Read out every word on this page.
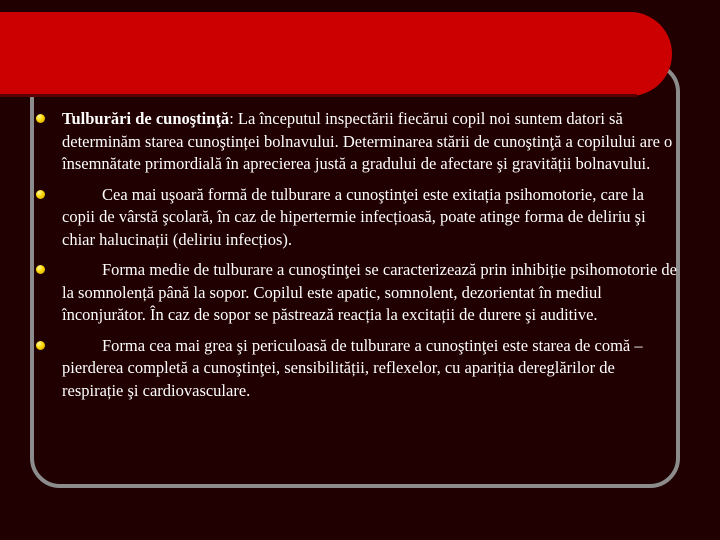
Tulburări de cunoştinţă: La începutul inspectării fiecărui copil noi suntem datori să determinăm starea cunoştinței bolnavului. Determinarea stării de cunoştinţă a copilului are o însemnătate primordială în aprecierea justă a gradului de afectare şi gravității bolnavului.
Cea mai uşoară formă de tulburare a cunoştinţei este exitația psihomotorie, care la copii de vârstă şcolară, în caz de hipertermie infecțioasă, poate atinge forma de deliriu şi chiar halucinații (deliriu infecțios).
Forma medie de tulburare a cunoştinţei se caracterizează prin inhibiție psihomotorie de la somnolență până la sopor. Copilul este apatic, somnolent, dezorientat în mediul înconjurător. În caz de sopor se păstrează reacția la excitații de durere şi auditive.
Forma cea mai grea şi periculoasă de tulburare a cunoştinţei este starea de comă – pierderea completă a cunoştinţei, sensibilității, reflexelor, cu apariția dereglărilor de respirație şi cardiovasculare.
